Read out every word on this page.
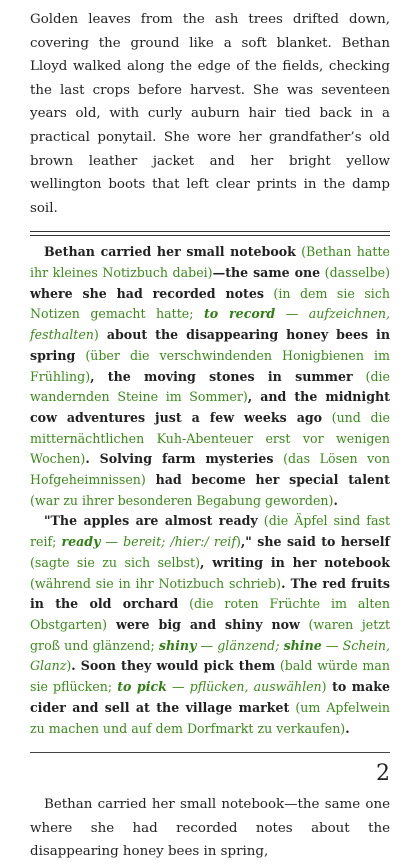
Golden leaves from the ash trees drifted down, covering the ground like a soft blanket. Bethan Lloyd walked along the edge of the fields, checking the last crops before harvest. She was seventeen years old, with curly auburn hair tied back in a practical ponytail. She wore her grandfather’s old brown leather jacket and her bright yellow wellington boots that left clear prints in the damp soil.

Bethan carried her small notebook (Bethan hatte ihr kleines Notizbuch dabei)—the same one (dasselbe) where she had recorded notes (in dem sie sich Notizen gemacht hatte; to record — aufzeichnen, festhalten) about the disappearing honey bees in spring (über die verschwindenden Honigbienen im Frühling), the moving stones in summer (die wandernden Steine im Sommer), and the midnight cow adventures just a few weeks ago (und die mitternächtlichen Kuh-Abenteuer erst vor wenigen Wochen). Solving farm mysteries (das Lösen von Hofgeheimnissen) had become her special talent (war zu ihrer besonderen Begabung geworden).

"The apples are almost ready (die Äpfel sind fast reif; ready — bereit; /hier:/ reif)," she said to herself (sagte sie zu sich selbst), writing in her notebook (während sie in ihr Notizbuch schrieb). The red fruits in the old orchard (die roten Früchte im alten Obstgarten) were big and shiny now (waren jetzt groß und glänzend; shiny — glänzend; shine — Schein, Glanz). Soon they would pick them (bald würde man sie pflücken; to pick — pflücken, auswählen) to make cider and sell at the village market (um Apfelwein zu machen und auf dem Dorfmarkt zu verkaufen).

2

Bethan carried her small notebook—the same one where she had recorded notes about the disappearing honey bees in spring,
